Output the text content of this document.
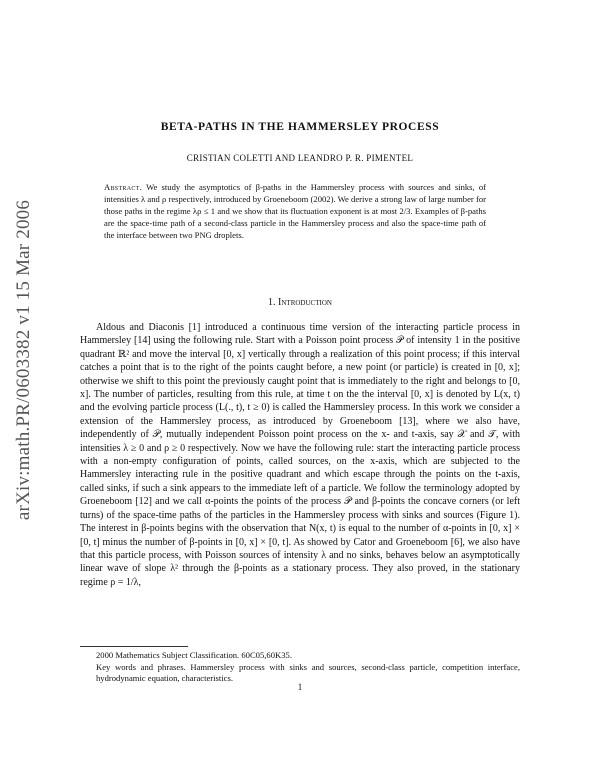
arXiv:math.PR/0603382 v1 15 Mar 2006
BETA-PATHS IN THE HAMMERSLEY PROCESS
CRISTIAN COLETTI AND LEANDRO P. R. PIMENTEL
Abstract. We study the asymptotics of β-paths in the Hammersley process with sources and sinks, of intensities λ and ρ respectively, introduced by Groeneboom (2002). We derive a strong law of large number for those paths in the regime λρ ≤ 1 and we show that its fluctuation exponent is at most 2/3. Examples of β-paths are the space-time path of a second-class particle in the Hammersley process and also the space-time path of the interface between two PNG droplets.
1. Introduction

Aldous and Diaconis [1] introduced a continuous time version of the interacting particle process in Hammersley [14] using the following rule. Start with a Poisson point process 𝒫 of intensity 1 in the positive quadrant ℝ² and move the interval [0, x] vertically through a realization of this point process; if this interval catches a point that is to the right of the points caught before, a new point (or particle) is created in [0, x]; otherwise we shift to this point the previously caught point that is immediately to the right and belongs to [0, x]. The number of particles, resulting from this rule, at time t on the the interval [0, x] is denoted by L(x, t) and the evolving particle process (L(., t), t ≥ 0) is called the Hammersley process. In this work we consider a extension of the Hammersley process, as introduced by Groeneboom [13], where we also have, independently of 𝒫, mutually independent Poisson point process on the x- and t-axis, say 𝒳 and 𝒯, with intensities λ ≥ 0 and ρ ≥ 0 respectively. Now we have the following rule: start the interacting particle process with a non-empty configuration of points, called sources, on the x-axis, which are subjected to the Hammersley interacting rule in the positive quadrant and which escape through the points on the t-axis, called sinks, if such a sink appears to the immediate left of a particle. We follow the terminology adopted by Groeneboom [12] and we call α-points the points of the process 𝒫 and β-points the concave corners (or left turns) of the space-time paths of the particles in the Hammersley process with sinks and sources (Figure 1). The interest in β-points begins with the observation that N(x, t) is equal to the number of α-points in [0, x] × [0, t] minus the number of β-points in [0, x] × [0, t]. As showed by Cator and Groeneboom [6], we also have that this particle process, with Poisson sources of intensity λ and no sinks, behaves below an asymptotically linear wave of slope λ² through the β-points as a stationary process. They also proved, in the stationary regime ρ = 1/λ,

2000 Mathematics Subject Classification. 60C05,60K35.
Key words and phrases. Hammersley process with sinks and sources, second-class particle, competition interface, hydrodynamic equation, characteristics.
1
